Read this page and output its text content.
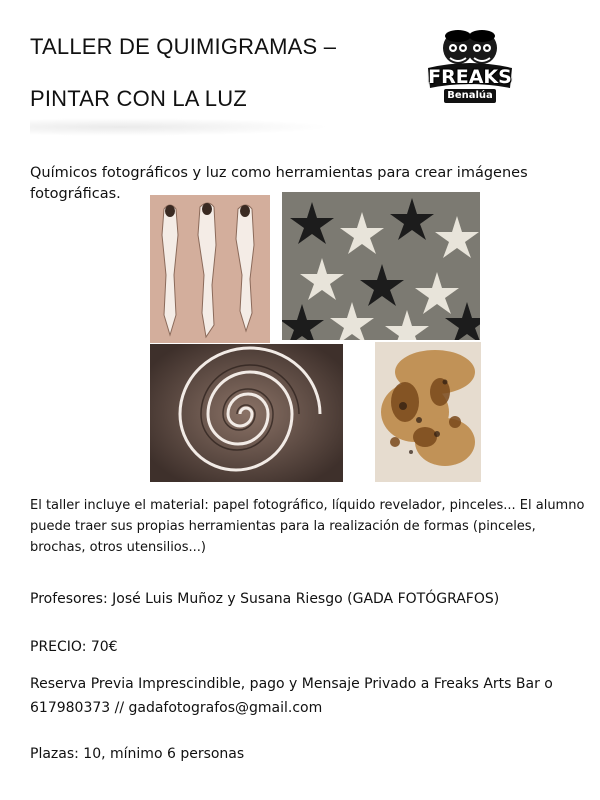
TALLER DE QUIMIGRAMAS –
PINTAR CON LA LUZ
FREAKS
Benalúa

Químicos fotográficos y luz como herramientas para crear imágenes fotográficas.

El taller incluye el material: papel fotográfico, líquido revelador, pinceles... El alumno puede traer sus propias herramientas para la realización de formas (pinceles, brochas, otros utensilios...)

Profesores: José Luis Muñoz y Susana Riesgo (GADA FOTÓGRAFOS)

PRECIO: 70€

Reserva Previa Imprescindible, pago y Mensaje Privado a Freaks Arts Bar o 617980373 // gadafotografos@gmail.com

Plazas: 10, mínimo 6 personas
